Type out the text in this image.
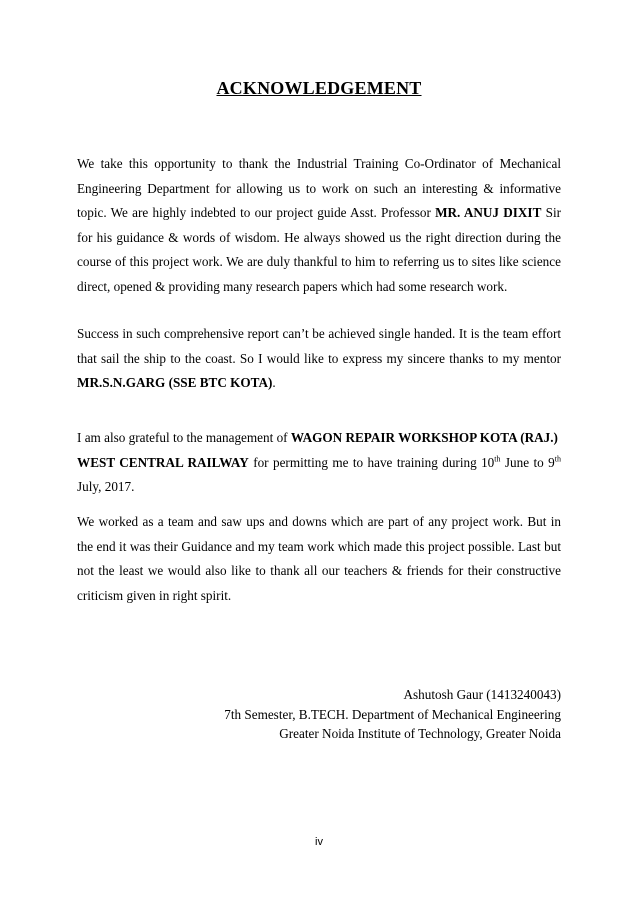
ACKNOWLEDGEMENT

We take this opportunity to thank the Industrial Training Co-Ordinator of Mechanical Engineering Department for allowing us to work on such an interesting & informative topic. We are highly indebted to our project guide Asst. Professor MR. ANUJ DIXIT Sir for his guidance & words of wisdom. He always showed us the right direction during the course of this project work. We are duly thankful to him to referring us to sites like science direct, opened & providing many research papers which had some research work.

Success in such comprehensive report can’t be achieved single handed. It is the team effort that sail the ship to the coast. So I would like to express my sincere thanks to my mentor MR.S.N.GARG (SSE BTC KOTA).

I am also grateful to the management of WAGON REPAIR WORKSHOP KOTA (RAJ.)
WEST CENTRAL RAILWAY for permitting me to have training during 10th June to 9th July, 2017.

We worked as a team and saw ups and downs which are part of any project work. But in the end it was their Guidance and my team work which made this project possible. Last but not the least we would also like to thank all our teachers & friends for their constructive criticism given in right spirit.

Ashutosh Gaur (1413240043)
7th Semester, B.TECH. Department of Mechanical Engineering
Greater Noida Institute of Technology, Greater Noida
iv
